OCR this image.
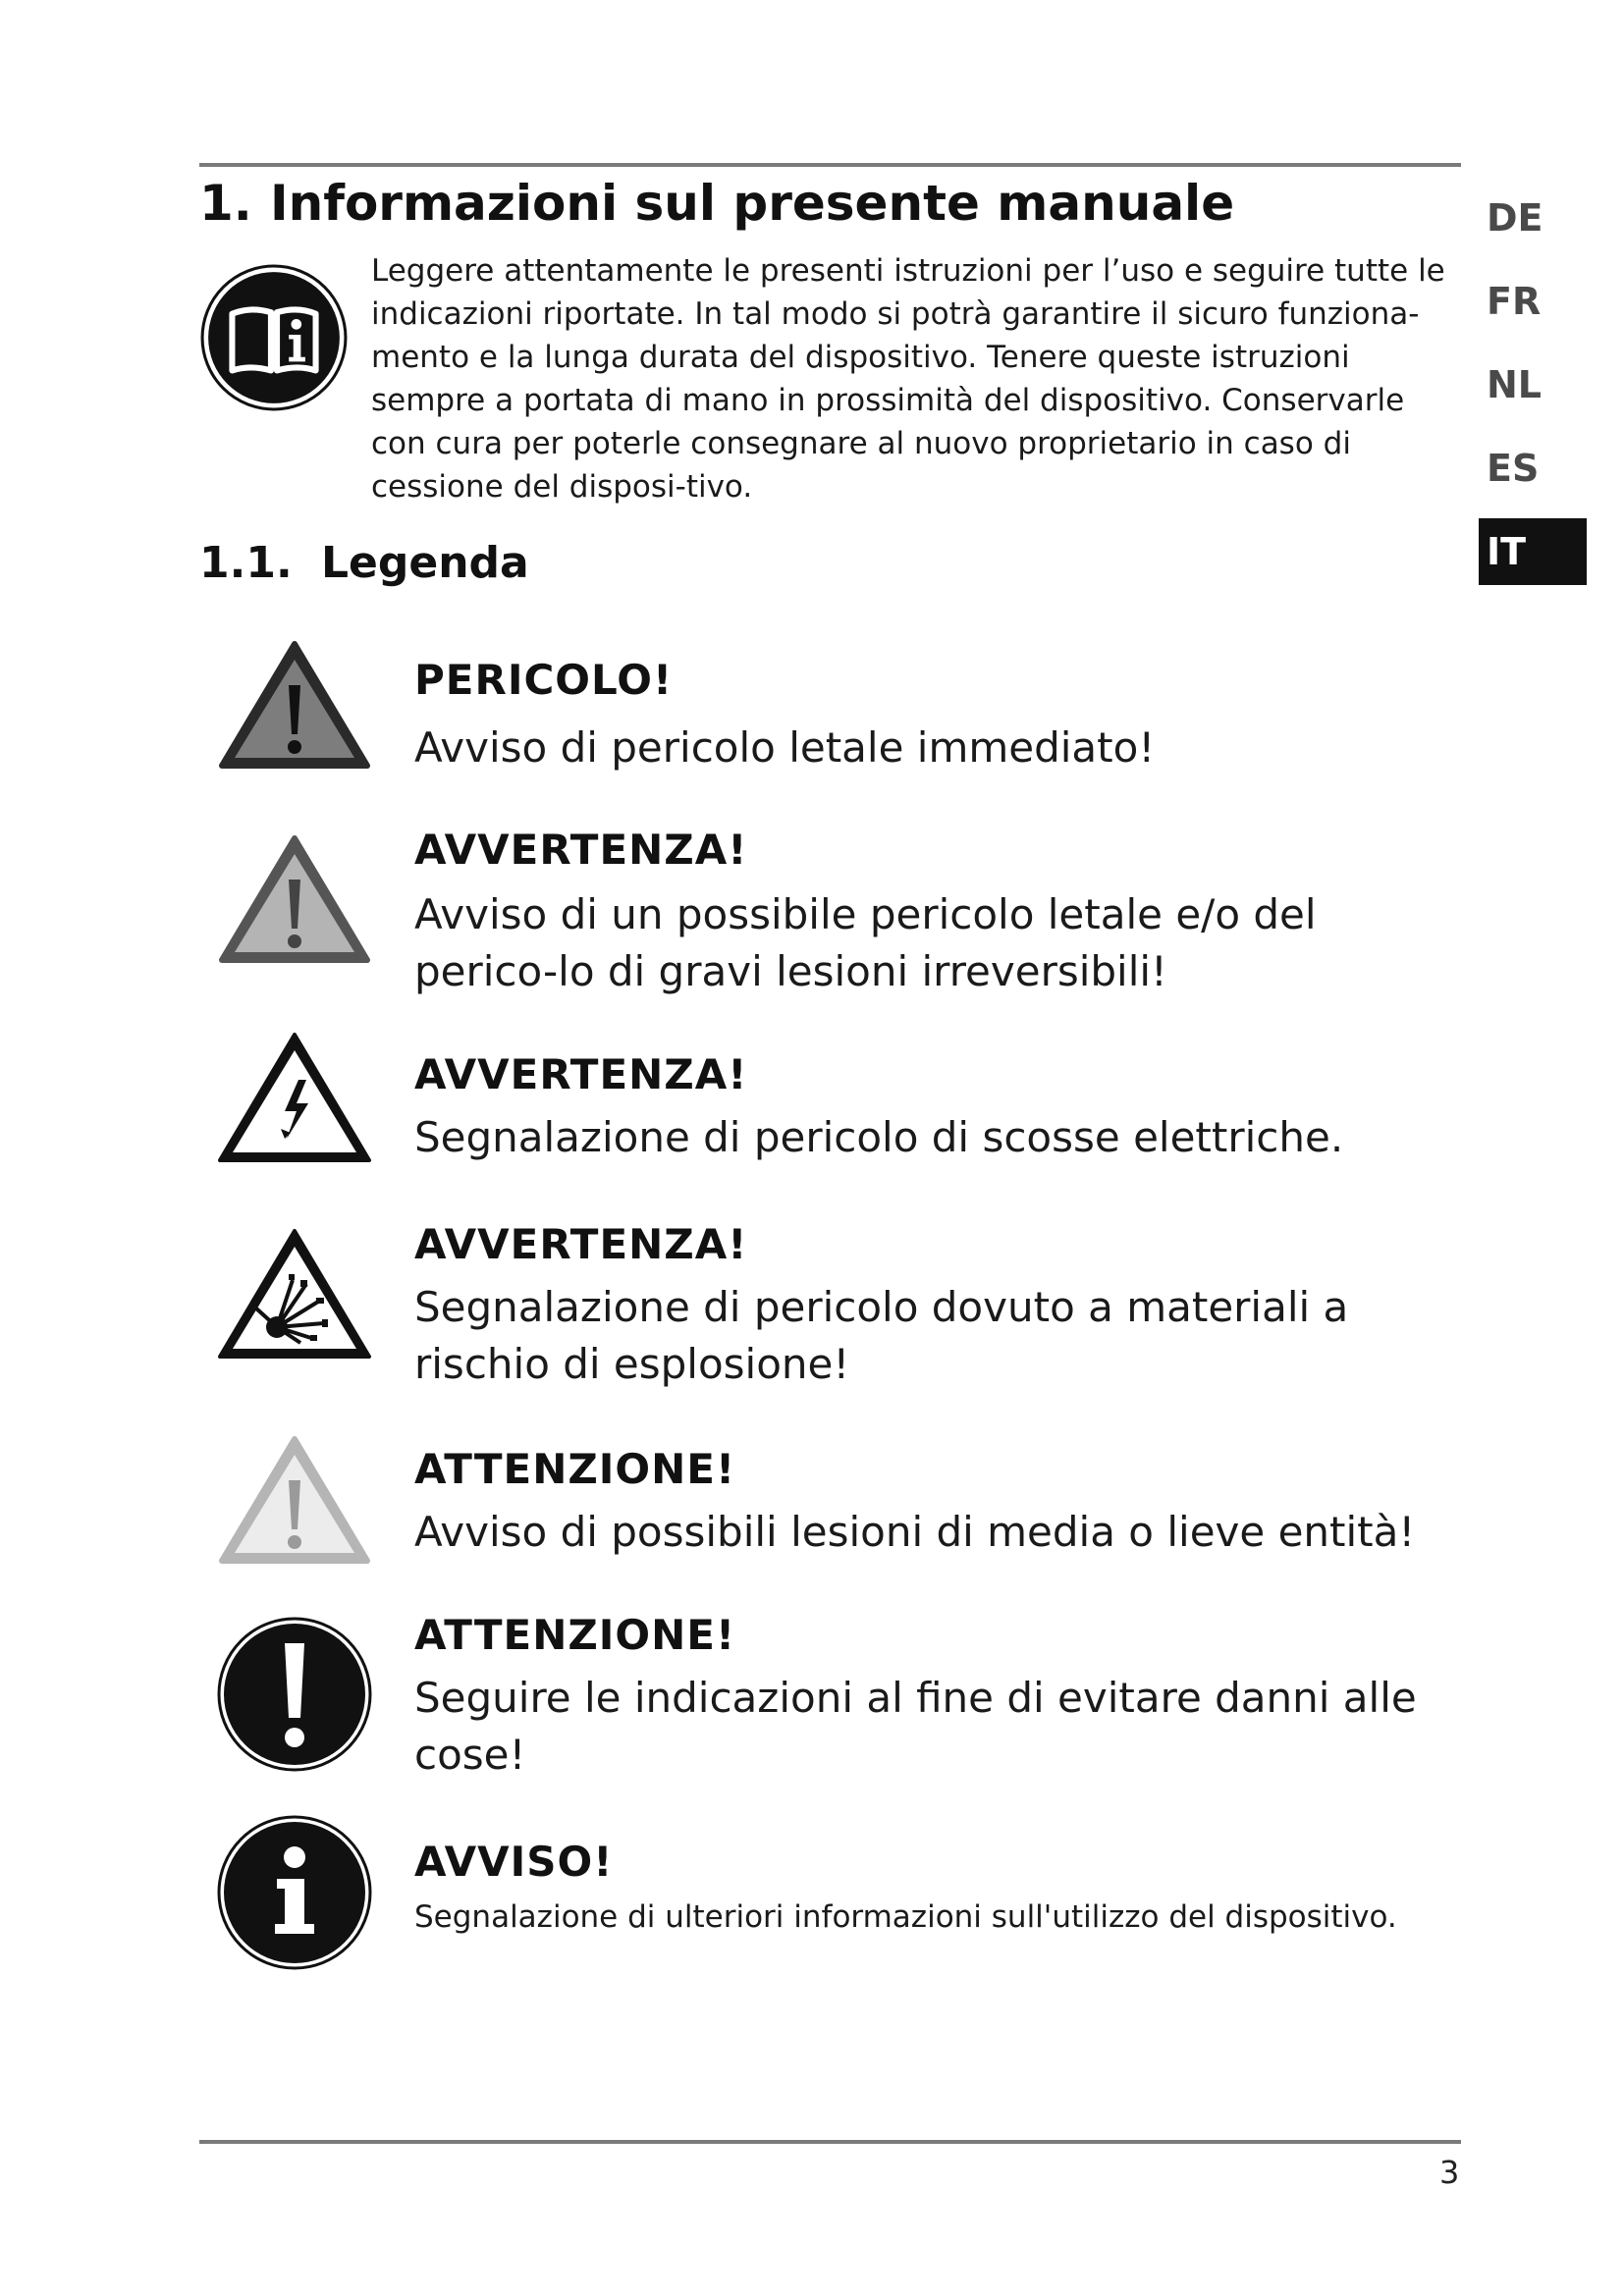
1. Informazioni sul presente manuale

Leggere attentamente le presenti istruzioni per l’uso e seguire tutte le indicazioni riportate. In tal modo si potrà garantire il sicuro funziona-mento e la lunga durata del dispositivo. Tenere queste istruzioni sempre a portata di mano in prossimità del dispositivo. Conservarle con cura per poterle consegnare al nuovo proprietario in caso di cessione del disposi-tivo.

1.1. Legenda
DE
FR
NL
ES
IT

PERICOLO!

Avviso di pericolo letale immediato!

AVVERTENZA!

Avviso di un possibile pericolo letale e/o del perico-lo di gravi lesioni irreversibili!

AVVERTENZA!

Segnalazione di pericolo di scosse elettriche.

AVVERTENZA!

Segnalazione di pericolo dovuto a materiali a rischio di esplosione!

ATTENZIONE!

Avviso di possibili lesioni di media o lieve entità!

ATTENZIONE!

Seguire le indicazioni al fine di evitare danni alle cose!

AVVISO!

Segnalazione di ulteriori informazioni sull'utilizzo del dispositivo.

3
